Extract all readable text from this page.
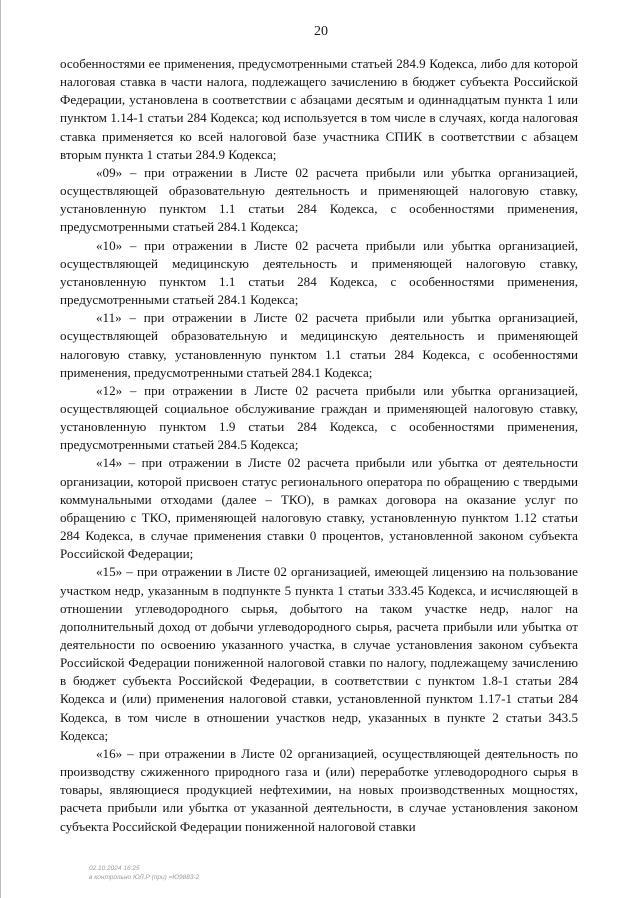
20

особенностями ее применения, предусмотренными статьей 284.9 Кодекса, либо для которой налоговая ставка в части налога, подлежащего зачислению в бюджет субъекта Российской Федерации, установлена в соответствии с абзацами десятым и одиннадцатым пункта 1 или пунктом 1.14-1 статьи 284 Кодекса; код используется в том числе в случаях, когда налоговая ставка применяется ко всей налоговой базе участника СПИК в соответствии с абзацем вторым пункта 1 статьи 284.9 Кодекса;

«09» – при отражении в Листе 02 расчета прибыли или убытка организацией, осуществляющей образовательную деятельность и применяющей налоговую ставку, установленную пунктом 1.1 статьи 284 Кодекса, с особенностями применения, предусмотренными статьей 284.1 Кодекса;

«10» – при отражении в Листе 02 расчета прибыли или убытка организацией, осуществляющей медицинскую деятельность и применяющей налоговую ставку, установленную пунктом 1.1 статьи 284 Кодекса, с особенностями применения, предусмотренными статьей 284.1 Кодекса;

«11» – при отражении в Листе 02 расчета прибыли или убытка организацией, осуществляющей образовательную и медицинскую деятельность и применяющей налоговую ставку, установленную пунктом 1.1 статьи 284 Кодекса, с особенностями применения, предусмотренными статьей 284.1 Кодекса;

«12» – при отражении в Листе 02 расчета прибыли или убытка организацией, осуществляющей социальное обслуживание граждан и применяющей налоговую ставку, установленную пунктом 1.9 статьи 284 Кодекса, с особенностями применения, предусмотренными статьей 284.5 Кодекса;

«14» – при отражении в Листе 02 расчета прибыли или убытка от деятельности организации, которой присвоен статус регионального оператора по обращению с твердыми коммунальными отходами (далее – ТКО), в рамках договора на оказание услуг по обращению с ТКО, применяющей налоговую ставку, установленную пунктом 1.12 статьи 284 Кодекса, в случае применения ставки 0 процентов, установленной законом субъекта Российской Федерации;

«15» – при отражении в Листе 02 организацией, имеющей лицензию на пользование участком недр, указанным в подпункте 5 пункта 1 статьи 333.45 Кодекса, и исчисляющей в отношении углеводородного сырья, добытого на таком участке недр, налог на дополнительный доход от добычи углеводородного сырья, расчета прибыли или убытка от деятельности по освоению указанного участка, в случае установления законом субъекта Российской Федерации пониженной налоговой ставки по налогу, подлежащему зачислению в бюджет субъекта Российской Федерации, в соответствии с пунктом 1.8-1 статьи 284 Кодекса и (или) применения налоговой ставки, установленной пунктом 1.17-1 статьи 284 Кодекса, в том числе в отношении участков недр, указанных в пункте 2 статьи 343.5 Кодекса;

«16» – при отражении в Листе 02 организацией, осуществляющей деятельность по производству сжиженного природного газа и (или) переработке углеводородного сырья в товары, являющиеся продукцией нефтехимии, на новых производственных мощностях, расчета прибыли или убытка от указанной деятельности, в случае установления законом субъекта Российской Федерации пониженной налоговой ставки

02.10.2024 16:25
в контрольно ЮЛ.Р (при) =Ю9883-2
